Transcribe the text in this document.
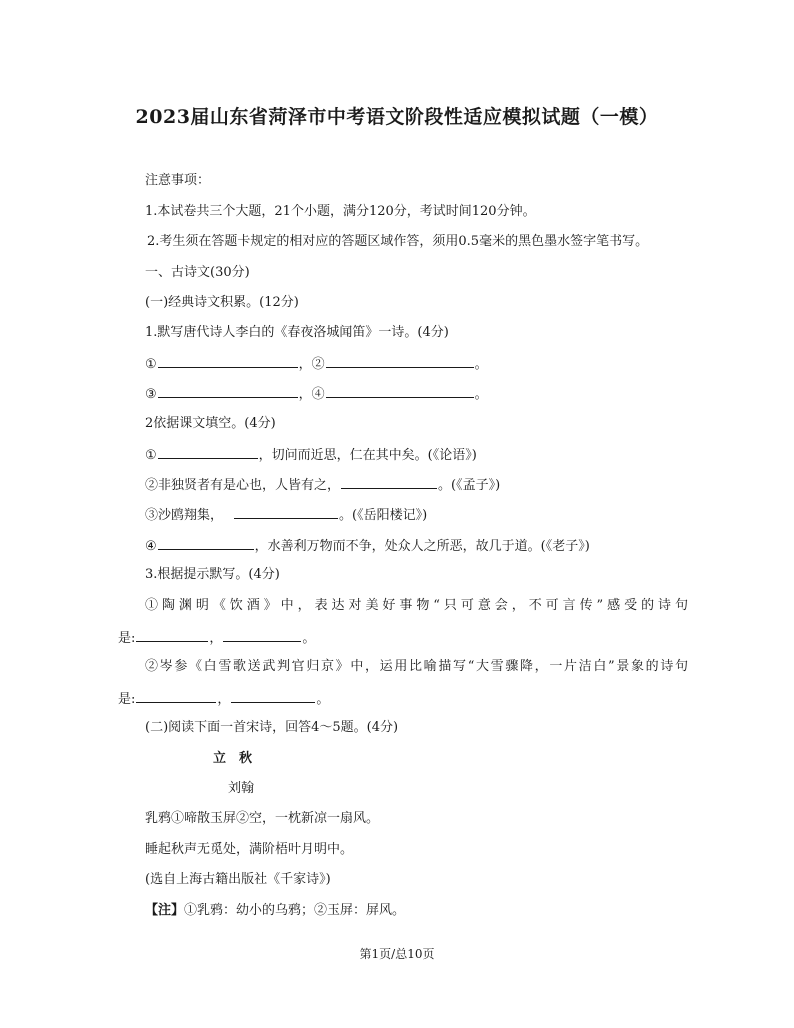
2023届山东省菏泽市中考语文阶段性适应模拟试题（一模）
注意事项：
1.本试卷共三个大题，21个小题，满分120分，考试时间120分钟。
2.考生须在答题卡规定的相对应的答题区域作答，须用0.5毫米的黑色墨水签字笔书写。
一、古诗文(30分)
(一)经典诗文积累。(12分)
1.默写唐代诗人李白的《春夜洛城闻笛》一诗。(4分)
①	，②	。
③	，④	。
2依据课文填空。(4分)
①	，切问而近思，仁在其中矣。(《论语》)
②非独贤者有是心也，人皆有之，	。(《孟子》)
③沙鸥翔集，	。(《岳阳楼记》)
④	，水善利万物而不争，处众人之所恶，故几于道。(《老子》)
3.根据提示默写。(4分)
①陶渊明《饮酒》中，表达对美好事物“只可意会，不可言传”感受的诗句
是:	，	。
②岑参《白雪歌送武判官归京》中，运用比喻描写“大雪骤降，一片洁白”景象的诗句
是:	，	。
(二)阅读下面一首宋诗，回答4～5题。(4分)
立　秋
刘翰
乳鸦①啼散玉屏②空，一枕新凉一扇风。
睡起秋声无觅处，满阶梧叶月明中。
(选自上海古籍出版社《千家诗》)
【注】①乳鸦：幼小的乌鸦；②玉屏：屏风。
第1页/总10页
